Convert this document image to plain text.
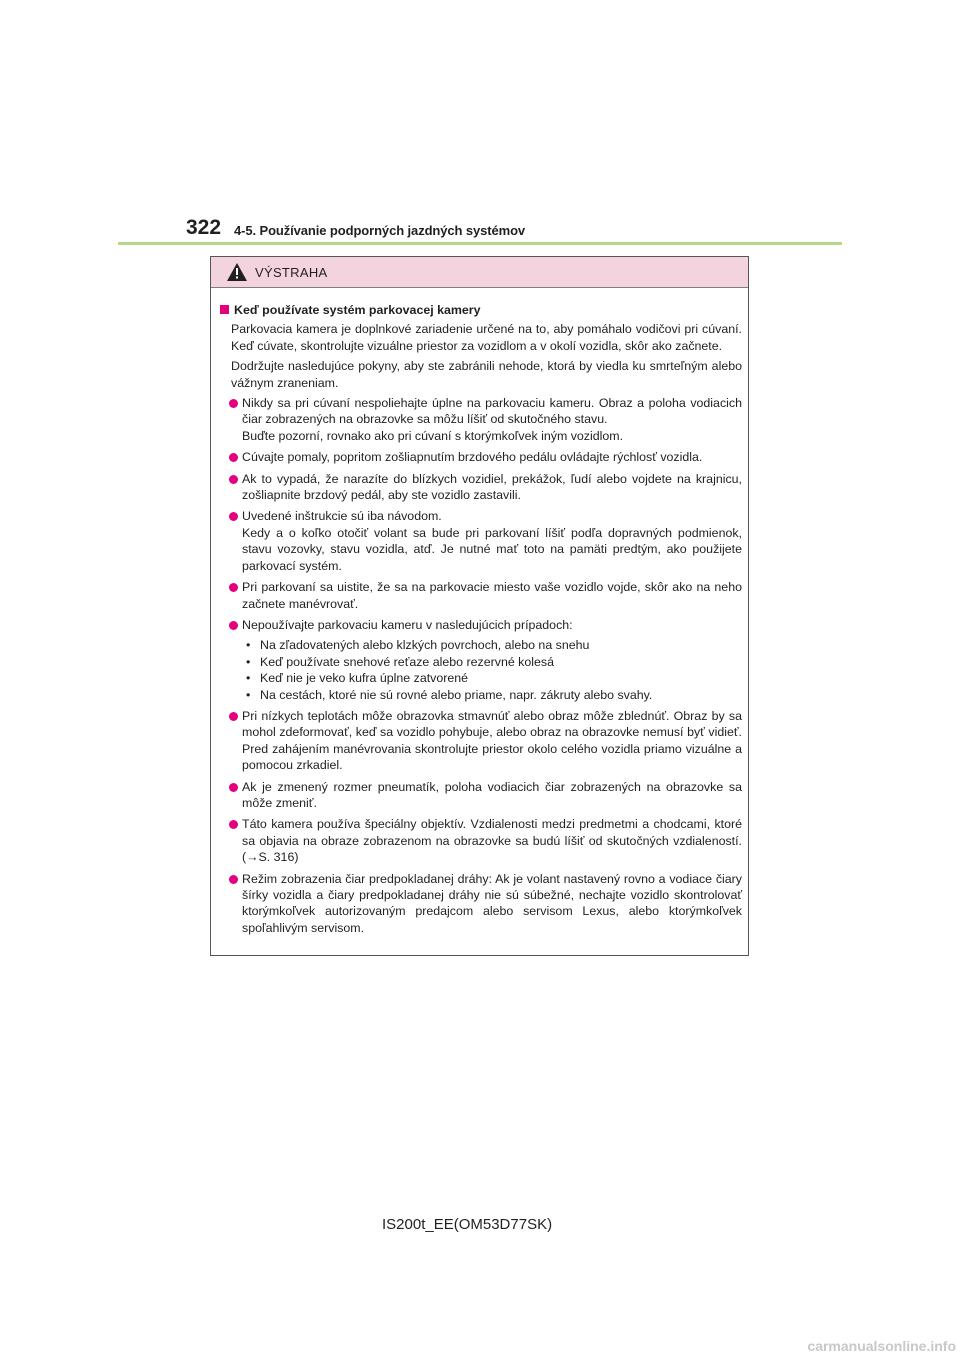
322 4-5. Používanie podporných jazdných systémov
VÝSTRAHA
Keď používate systém parkovacej kamery

Parkovacia kamera je doplnkové zariadenie určené na to, aby pomáhalo vodičovi pri cúvaní. Keď cúvate, skontrolujte vizuálne priestor za vozidlom a v okolí vozidla, skôr ako začnete.

Dodržujte nasledujúce pokyny, aby ste zabránili nehode, ktorá by viedla ku smrteľným alebo vážnym zraneniam.

Nikdy sa pri cúvaní nespoliehajte úplne na parkovaciu kameru. Obraz a poloha vodiacich čiar zobrazených na obrazovke sa môžu líšiť od skutočného stavu.
Buďte pozorní, rovnako ako pri cúvaní s ktorýmkoľvek iným vozidlom.
Cúvajte pomaly, popritom zošliapnutím brzdového pedálu ovládajte rýchlosť vozidla.
Ak to vypadá, že narazíte do blízkych vozidiel, prekážok, ľudí alebo vojdete na krajnicu, zošliapnite brzdový pedál, aby ste vozidlo zastavili.
Uvedené inštrukcie sú iba návodom.
Kedy a o koľko otočiť volant sa bude pri parkovaní líšiť podľa dopravných podmienok, stavu vozovky, stavu vozidla, atď. Je nutné mať toto na pamäti predtým, ako použijete parkovací systém.
Pri parkovaní sa uistite, že sa na parkovacie miesto vaše vozidlo vojde, skôr ako na neho začnete manévrovať.
Nepoužívajte parkovaciu kameru v nasledujúcich prípadoch:
• Na zľadovatených alebo klzkých povrchoch, alebo na snehu
• Keď používate snehové reťaze alebo rezervné kolesá
• Keď nie je veko kufra úplne zatvorené
• Na cestách, ktoré nie sú rovné alebo priame, napr. zákruty alebo svahy.
Pri nízkych teplotách môže obrazovka stmavnúť alebo obraz môže zblednúť. Obraz by sa mohol zdeformovať, keď sa vozidlo pohybuje, alebo obraz na obrazovke nemusí byť vidieť. Pred zahájením manévrovania skontrolujte priestor okolo celého vozidla priamo vizuálne a pomocou zrkadiel.
Ak je zmenený rozmer pneumatík, poloha vodiacich čiar zobrazených na obrazovke sa môže zmeniť.
Táto kamera používa špeciálny objektív. Vzdialenosti medzi predmetmi a chodcami, ktoré sa objavia na obraze zobrazenom na obrazovke sa budú líšiť od skutočných vzdialeností. (→S. 316)
Režim zobrazenia čiar predpokladanej dráhy: Ak je volant nastavený rovno a vodiace čiary šírky vozidla a čiary predpokladanej dráhy nie sú súbežné, nechajte vozidlo skontrolovať ktorýmkoľvek autorizovaným predajcom alebo servisom Lexus, alebo ktorýmkoľvek spoľahlivým servisom.
IS200t_EE(OM53D77SK)
carmanualsonline.info
